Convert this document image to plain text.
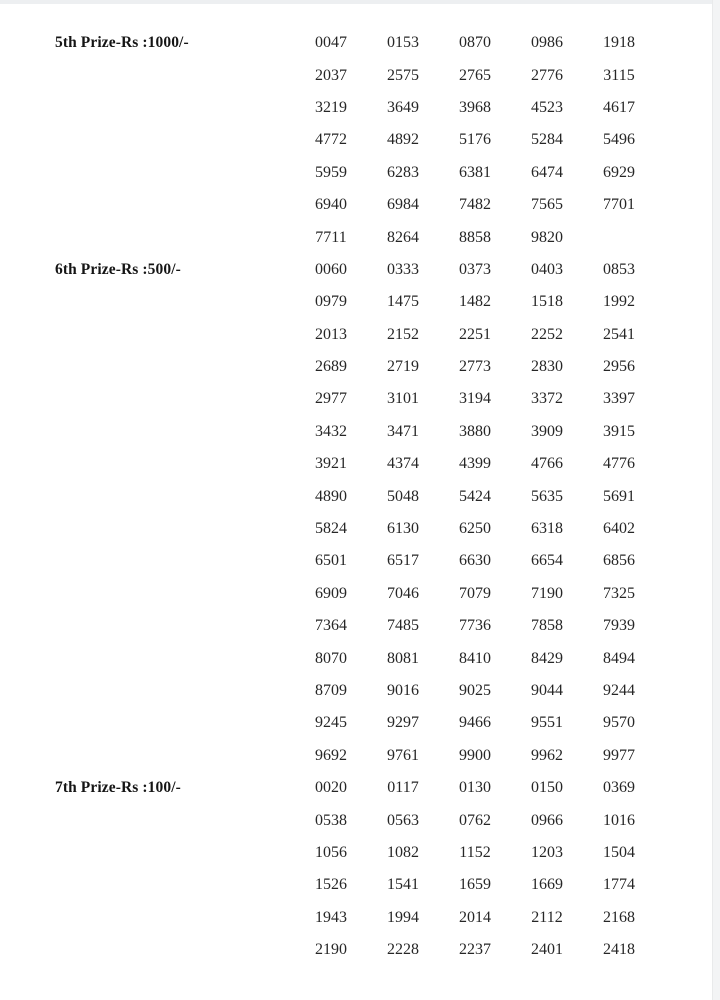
5th Prize-Rs :1000/-	0047	0153	0870	0986	1918
2037	2575	2765	2776	3115
3219	3649	3968	4523	4617
4772	4892	5176	5284	5496
5959	6283	6381	6474	6929
6940	6984	7482	7565	7701
7711	8264	8858	9820
6th Prize-Rs :500/-	0060	0333	0373	0403	0853
0979	1475	1482	1518	1992
2013	2152	2251	2252	2541
2689	2719	2773	2830	2956
2977	3101	3194	3372	3397
3432	3471	3880	3909	3915
3921	4374	4399	4766	4776
4890	5048	5424	5635	5691
5824	6130	6250	6318	6402
6501	6517	6630	6654	6856
6909	7046	7079	7190	7325
7364	7485	7736	7858	7939
8070	8081	8410	8429	8494
8709	9016	9025	9044	9244
9245	9297	9466	9551	9570
9692	9761	9900	9962	9977
7th Prize-Rs :100/-	0020	0117	0130	0150	0369
0538	0563	0762	0966	1016
1056	1082	1152	1203	1504
1526	1541	1659	1669	1774
1943	1994	2014	2112	2168
2190	2228	2237	2401	2418
